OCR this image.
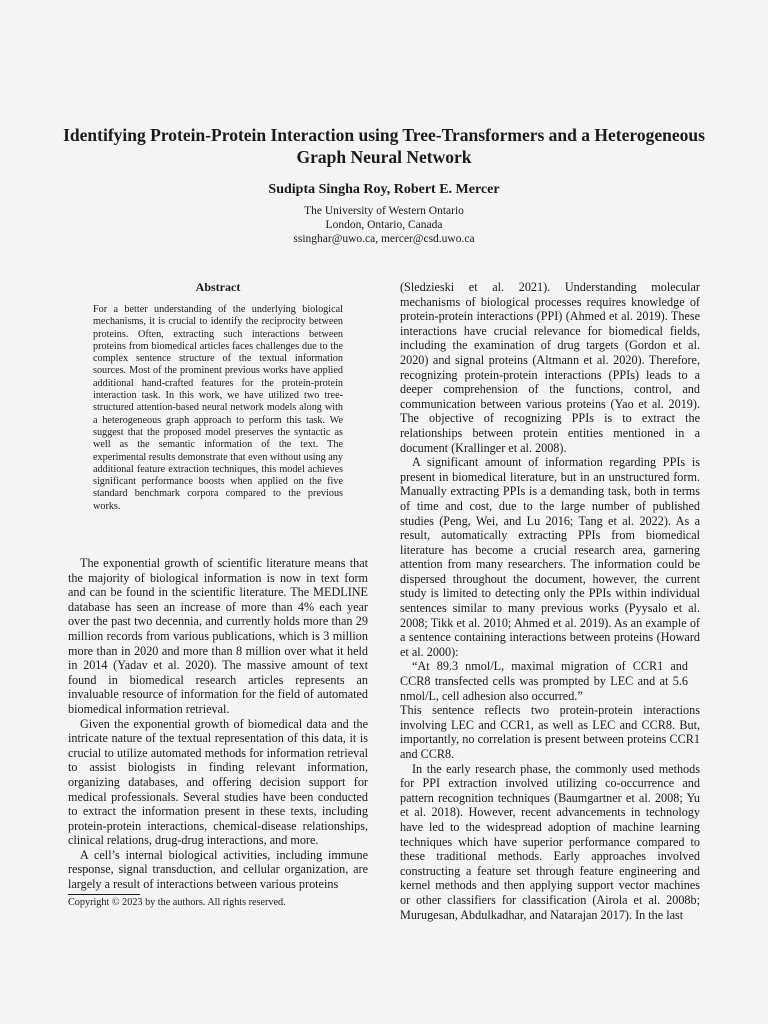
Identifying Protein-Protein Interaction using Tree-Transformers and a Heterogeneous Graph Neural Network
Sudipta Singha Roy, Robert E. Mercer
The University of Western Ontario
London, Ontario, Canada
ssinghar@uwo.ca, mercer@csd.uwo.ca
Abstract
For a better understanding of the underlying biological mechanisms, it is crucial to identify the reciprocity between proteins. Often, extracting such interactions between proteins from biomedical articles faces challenges due to the complex sentence structure of the textual information sources. Most of the prominent previous works have applied additional hand-crafted features for the protein-protein interaction task. In this work, we have utilized two tree-structured attention-based neural network models along with a heterogeneous graph approach to perform this task. We suggest that the proposed model preserves the syntactic as well as the semantic information of the text. The experimental results demonstrate that even without using any additional feature extraction techniques, this model achieves significant performance boosts when applied on the five standard benchmark corpora compared to the previous works.

The exponential growth of scientific literature means that the majority of biological information is now in text form and can be found in the scientific literature. The MEDLINE database has seen an increase of more than 4% each year over the past two decennia, and currently holds more than 29 million records from various publications, which is 3 million more than in 2020 and more than 8 million over what it held in 2014 (Yadav et al. 2020). The massive amount of text found in biomedical research articles represents an invaluable resource of information for the field of automated biomedical information retrieval.

Given the exponential growth of biomedical data and the intricate nature of the textual representation of this data, it is crucial to utilize automated methods for information retrieval to assist biologists in finding relevant information, organizing databases, and offering decision support for medical professionals. Several studies have been conducted to extract the information present in these texts, including protein-protein interactions, chemical-disease relationships, clinical relations, drug-drug interactions, and more.

A cell’s internal biological activities, including immune response, signal transduction, and cellular organization, are largely a result of interactions between various proteins

Copyright © 2023 by the authors. All rights reserved.

(Sledzieski et al. 2021). Understanding molecular mechanisms of biological processes requires knowledge of protein-protein interactions (PPI) (Ahmed et al. 2019). These interactions have crucial relevance for biomedical fields, including the examination of drug targets (Gordon et al. 2020) and signal proteins (Altmann et al. 2020). Therefore, recognizing protein-protein interactions (PPIs) leads to a deeper comprehension of the functions, control, and communication between various proteins (Yao et al. 2019). The objective of recognizing PPIs is to extract the relationships between protein entities mentioned in a document (Krallinger et al. 2008).

A significant amount of information regarding PPIs is present in biomedical literature, but in an unstructured form. Manually extracting PPIs is a demanding task, both in terms of time and cost, due to the large number of published studies (Peng, Wei, and Lu 2016; Tang et al. 2022). As a result, automatically extracting PPIs from biomedical literature has become a crucial research area, garnering attention from many researchers. The information could be dispersed throughout the document, however, the current study is limited to detecting only the PPIs within individual sentences similar to many previous works (Pyysalo et al. 2008; Tikk et al. 2010; Ahmed et al. 2019). As an example of a sentence containing interactions between proteins (Howard et al. 2000):

“At 89.3 nmol/L, maximal migration of CCR1 and CCR8 transfected cells was prompted by LEC and at 5.6 nmol/L, cell adhesion also occurred.”

This sentence reflects two protein-protein interactions involving LEC and CCR1, as well as LEC and CCR8. But, importantly, no correlation is present between proteins CCR1 and CCR8.

In the early research phase, the commonly used methods for PPI extraction involved utilizing co-occurrence and pattern recognition techniques (Baumgartner et al. 2008; Yu et al. 2018). However, recent advancements in technology have led to the widespread adoption of machine learning techniques which have superior performance compared to these traditional methods. Early approaches involved constructing a feature set through feature engineering and kernel methods and then applying support vector machines or other classifiers for classification (Airola et al. 2008b; Murugesan, Abdulkadhar, and Natarajan 2017). In the last
